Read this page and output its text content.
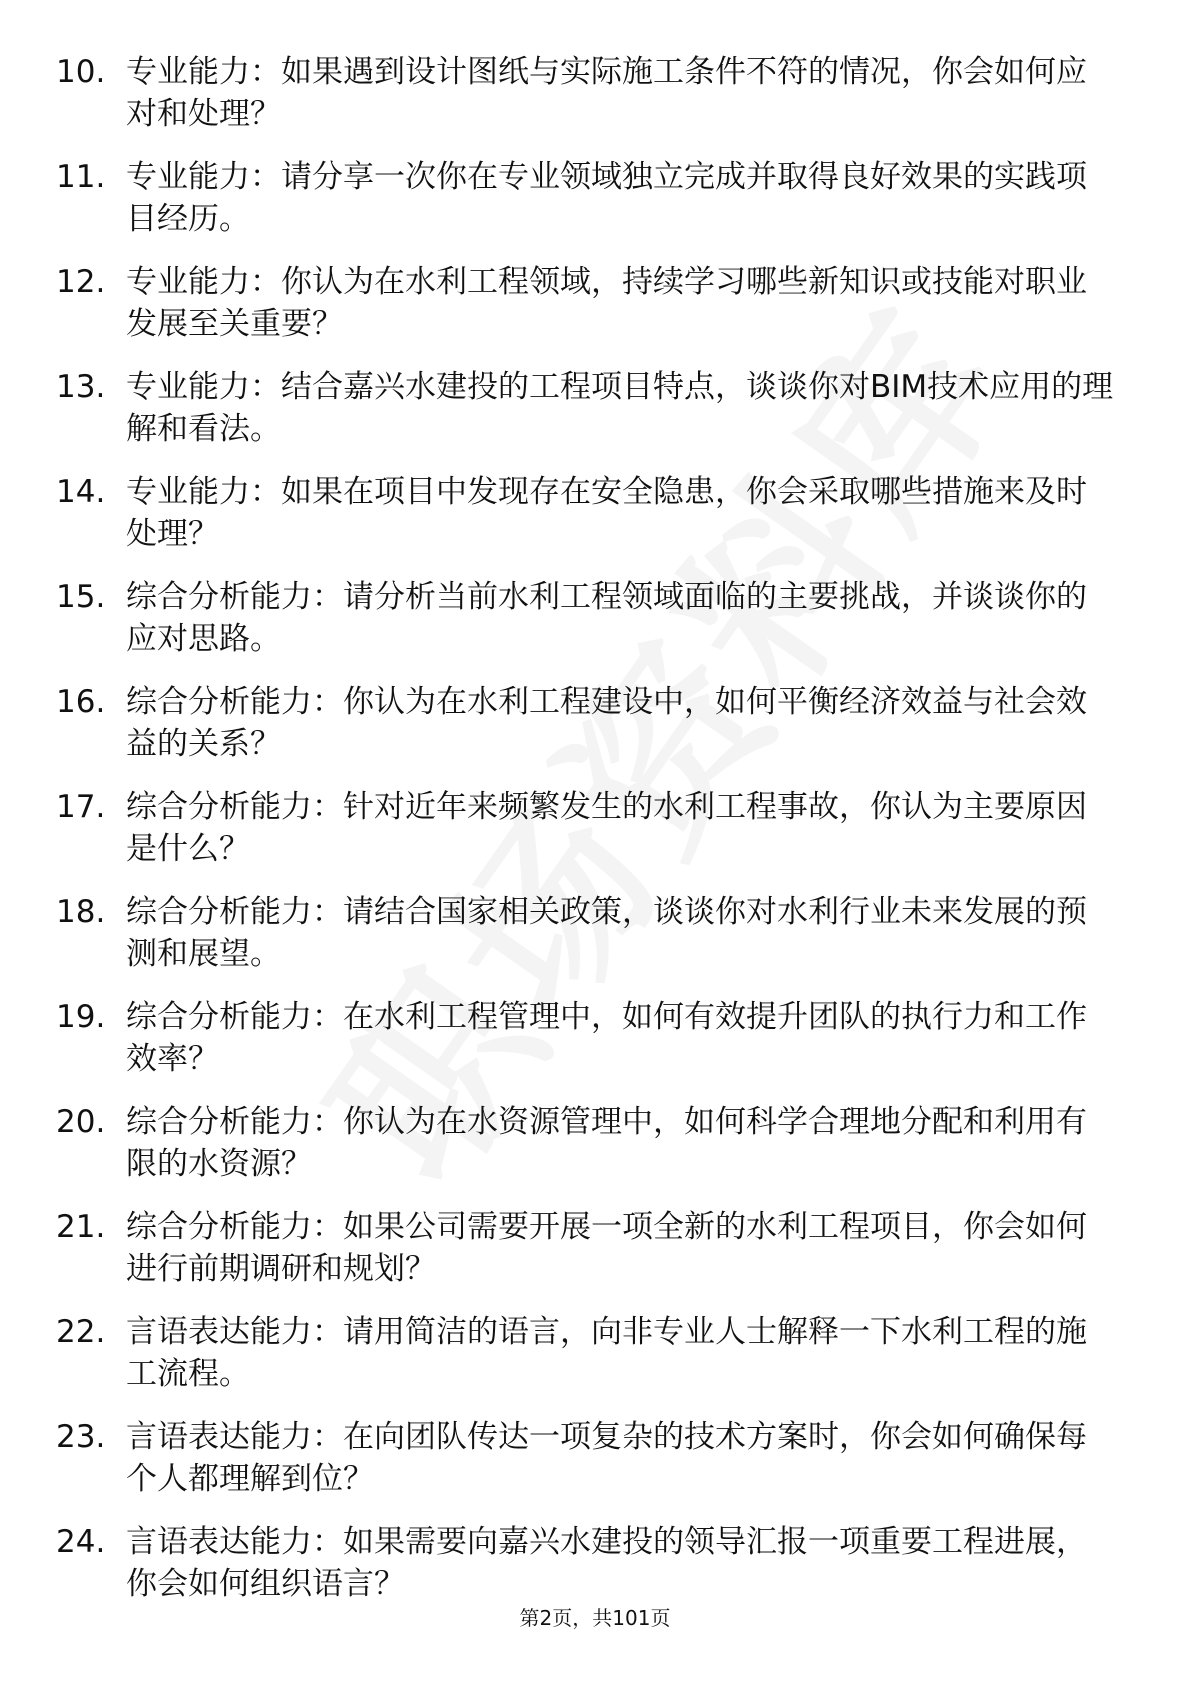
10. 专业能力：如果遇到设计图纸与实际施工条件不符的情况，你会如何应对和处理？
11. 专业能力：请分享一次你在专业领域独立完成并取得良好效果的实践项目经历。
12. 专业能力：你认为在水利工程领域，持续学习哪些新知识或技能对职业发展至关重要？
13. 专业能力：结合嘉兴水建投的工程项目特点，谈谈你对BIM技术应用的理解和看法。
14. 专业能力：如果在项目中发现存在安全隐患，你会采取哪些措施来及时处理？
15. 综合分析能力：请分析当前水利工程领域面临的主要挑战，并谈谈你的应对思路。
16. 综合分析能力：你认为在水利工程建设中，如何平衡经济效益与社会效益的关系？
17. 综合分析能力：针对近年来频繁发生的水利工程事故，你认为主要原因是什么？
18. 综合分析能力：请结合国家相关政策，谈谈你对水利行业未来发展的预测和展望。
19. 综合分析能力：在水利工程管理中，如何有效提升团队的执行力和工作效率？
20. 综合分析能力：你认为在水资源管理中，如何科学合理地分配和利用有限的水资源？
21. 综合分析能力：如果公司需要开展一项全新的水利工程项目，你会如何进行前期调研和规划？
22. 言语表达能力：请用简洁的语言，向非专业人士解释一下水利工程的施工流程。
23. 言语表达能力：在向团队传达一项复杂的技术方案时，你会如何确保每个人都理解到位？
24. 言语表达能力：如果需要向嘉兴水建投的领导汇报一项重要工程进展，你会如何组织语言？
第2页，共101页
